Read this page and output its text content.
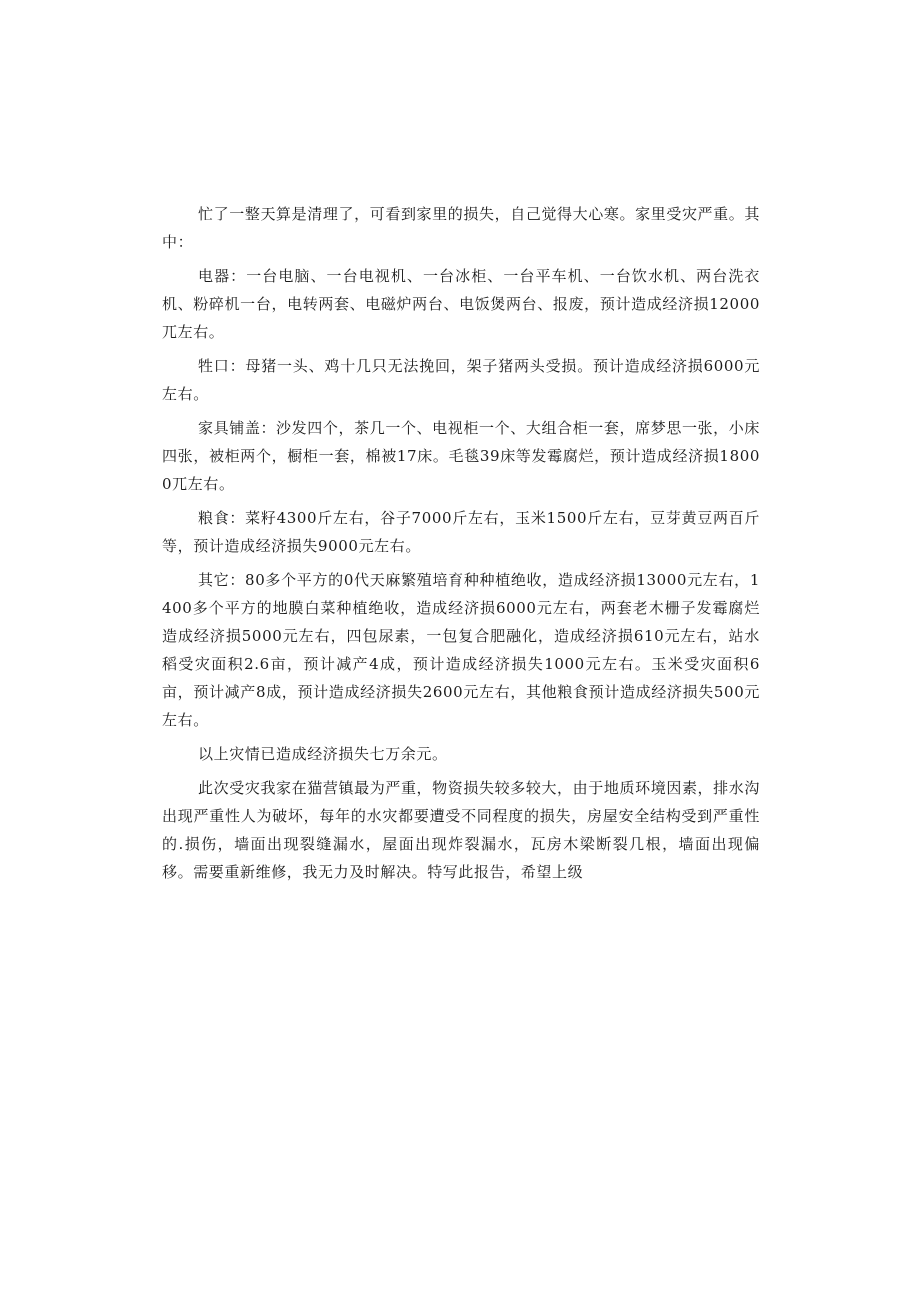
忙了一整天算是清理了，可看到家里的损失，自己觉得大心寒。家里受灾严重。其中：

电器：一台电脑、一台电视机、一台冰柜、一台平车机、一台饮水机、两台洗衣机、粉碎机一台，电转两套、电磁炉两台、电饭煲两台、报废，预计造成经济损12000兀左右。

牲口：母猪一头、鸡十几只无法挽回，架子猪两头受损。预计造成经济损6000元左右。

家具铺盖：沙发四个，茶几一个、电视柜一个、大组合柜一套，席梦思一张，小床四张，被柜两个，橱柜一套，棉被17床。毛毯39床等发霉腐烂，预计造成经济损18000兀左右。

粮食：菜籽4300斤左右，谷子7000斤左右，玉米1500斤左右，豆芽黄豆两百斤等，预计造成经济损失9000元左右。

其它：80多个平方的0代天麻繁殖培育种种植绝收，造成经济损13000元左右，1400多个平方的地膜白菜种植绝收，造成经济损6000元左右，两套老木栅子发霉腐烂造成经济损5000元左右，四包尿素，一包复合肥融化，造成经济损610元左右，站水稻受灾面积2.6亩，预计减产4成，预计造成经济损失1000元左右。玉米受灾面积6亩，预计减产8成，预计造成经济损失2600元左右，其他粮食预计造成经济损失500元左右。

以上灾情已造成经济损失七万余元。

此次受灾我家在猫营镇最为严重，物资损失较多较大，由于地质环境因素，排水沟出现严重性人为破坏，每年的水灾都要遭受不同程度的损失，房屋安全结构受到严重性的.损伤，墙面出现裂缝漏水，屋面出现炸裂漏水，瓦房木梁断裂几根，墙面出现偏移。需要重新维修，我无力及时解决。特写此报告，希望上级
